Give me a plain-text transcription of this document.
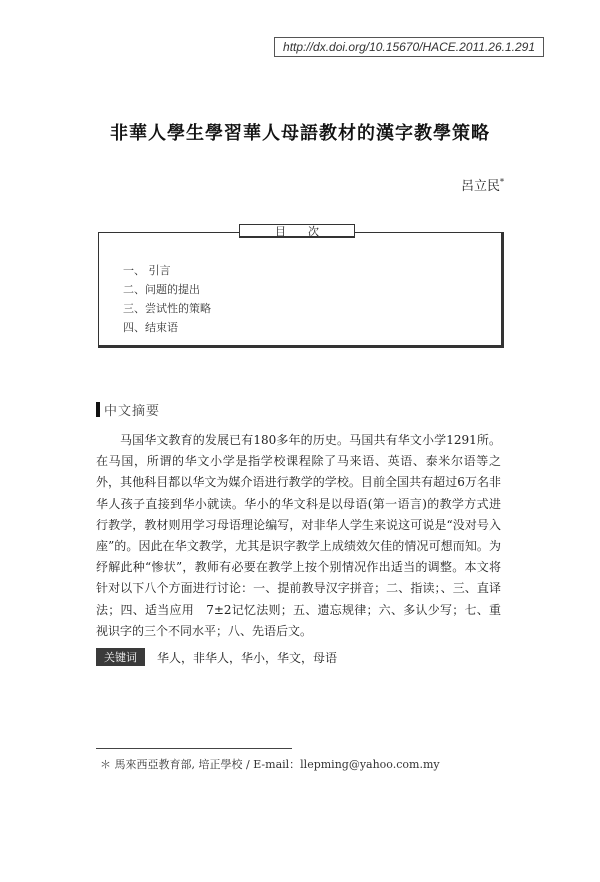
http://dx.doi.org/10.15670/HACE.2011.26.1.291
非華人學生學習華人母語教材的漢字教學策略
呂立民*
目次
一、 引言
二、问题的提出
三、尝试性的策略
四、结束语
中文摘要

马国华文教育的发展已有180多年的历史。马国共有华文小学1291所。在马国，所谓的华文小学是指学校课程除了马来语、英语、泰米尔语等之外，其他科目都以华文为媒介语进行教学的学校。目前全国共有超过6万名非华人孩子直接到华小就读。华小的华文科是以母语(第一语言)的教学方式进行教学，教材则用学习母语理论编写，对非华人学生来说这可说是“没对号入座”的。因此在华文教学，尤其是识字教学上成绩效欠佳的情况可想而知。为纾解此种“惨状”，教师有必要在教学上按个别情况作出适当的调整。本文将针对以下八个方面进行讨论：一、提前教导汉字拼音；二、指读；、三、直译法；四、适当应用　7±2记忆法则；五、遗忘规律；六、多认少写；七、重视识字的三个不同水平；八、先语后文。

关键词	华人，非华人，华小，华文，母语
＊ 馬來西亞教育部, 培正學校 / E-mail：llepming@yahoo.com.my
